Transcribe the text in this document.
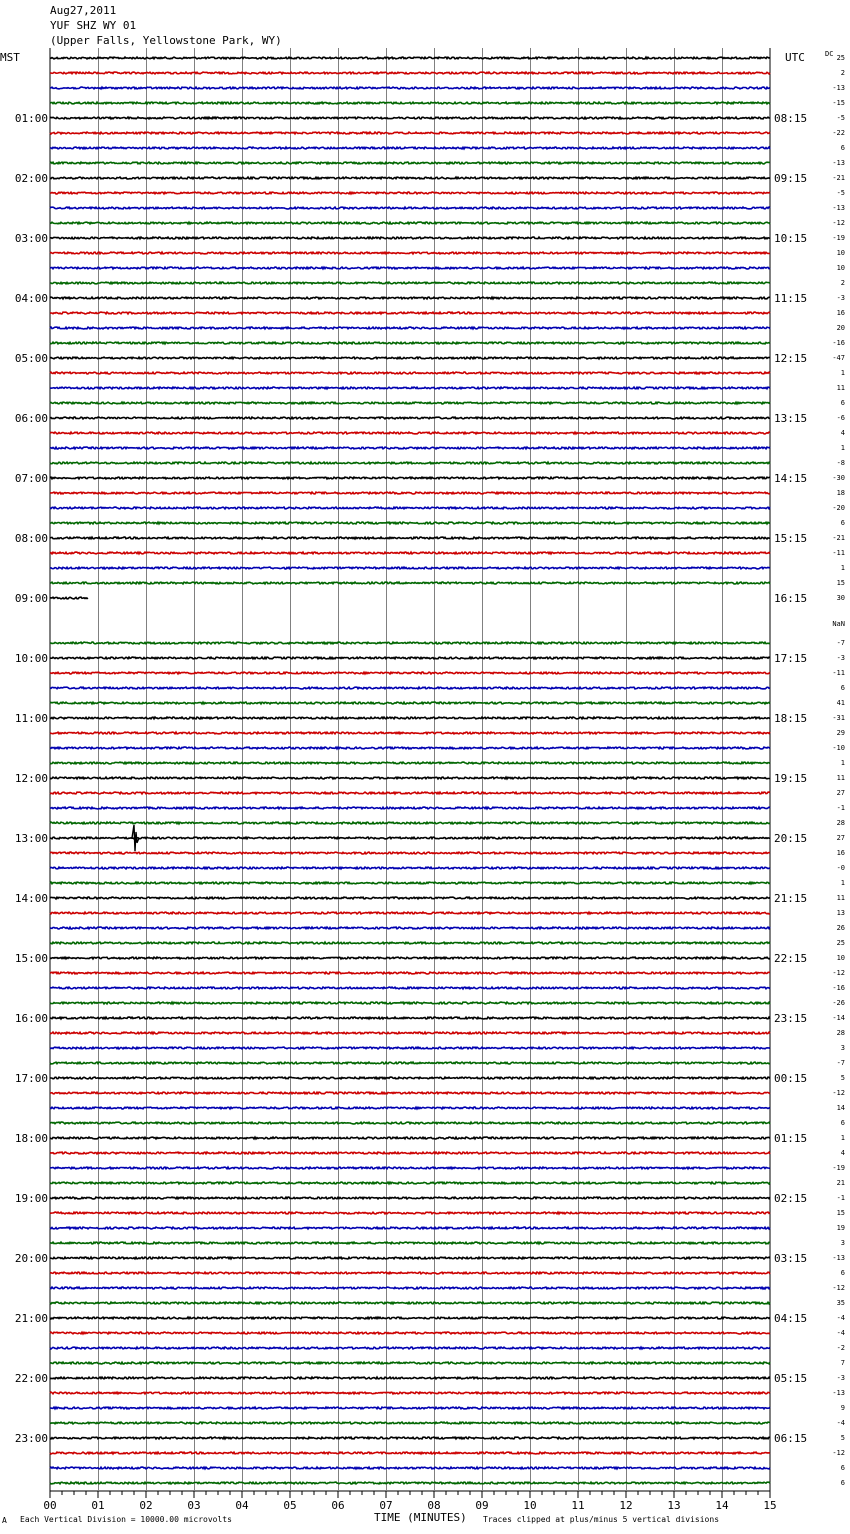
Aug27,2011
YUF SHZ WY 01
(Upper Falls, Yellowstone Park, WY)
MST	UTC
00	01	02	03	04	05	06	07	08	09	10	11	12	13	14	15
01:00
02:00
03:00
04:00
05:00
06:00
07:00
08:00
09:00
10:00
11:00
12:00
13:00
14:00
15:00
16:00
17:00
18:00
19:00
20:00
21:00
22:00
23:00
08:15
09:15
10:15
11:15
12:15
13:15
14:15
15:15
16:15
17:15
18:15
19:15
20:15
21:15
22:15
23:15
00:15
01:15
02:15
03:15
04:15
05:15
06:15
DC 25
2
-13
-15
-5
-22
6
-13
-21
-5
-13
-12
-19
10
10
2
-3
16
20
-16
-47
1
11
6
-6
4
1
-8
-30
18
-20
6
-21
-11
1
15
30
-7
-3
-11
6
41
-31
29
-10
1
11
27
-1
28
27
16
-0
1
11
13
26
25
10
-12
-16
-26
-14
28
3
-7
5
-12
14
6
1
4
-19
21
-1
15
19
3
-13
6
-12
35
-4
-4
-2
7
-3
-13
9
-4
5
-12
6
6
NaN
A Each Vertical Division = 10000.00 microvolts	TIME (MINUTES) Traces clipped at plus/minus 5 vertical divisions
